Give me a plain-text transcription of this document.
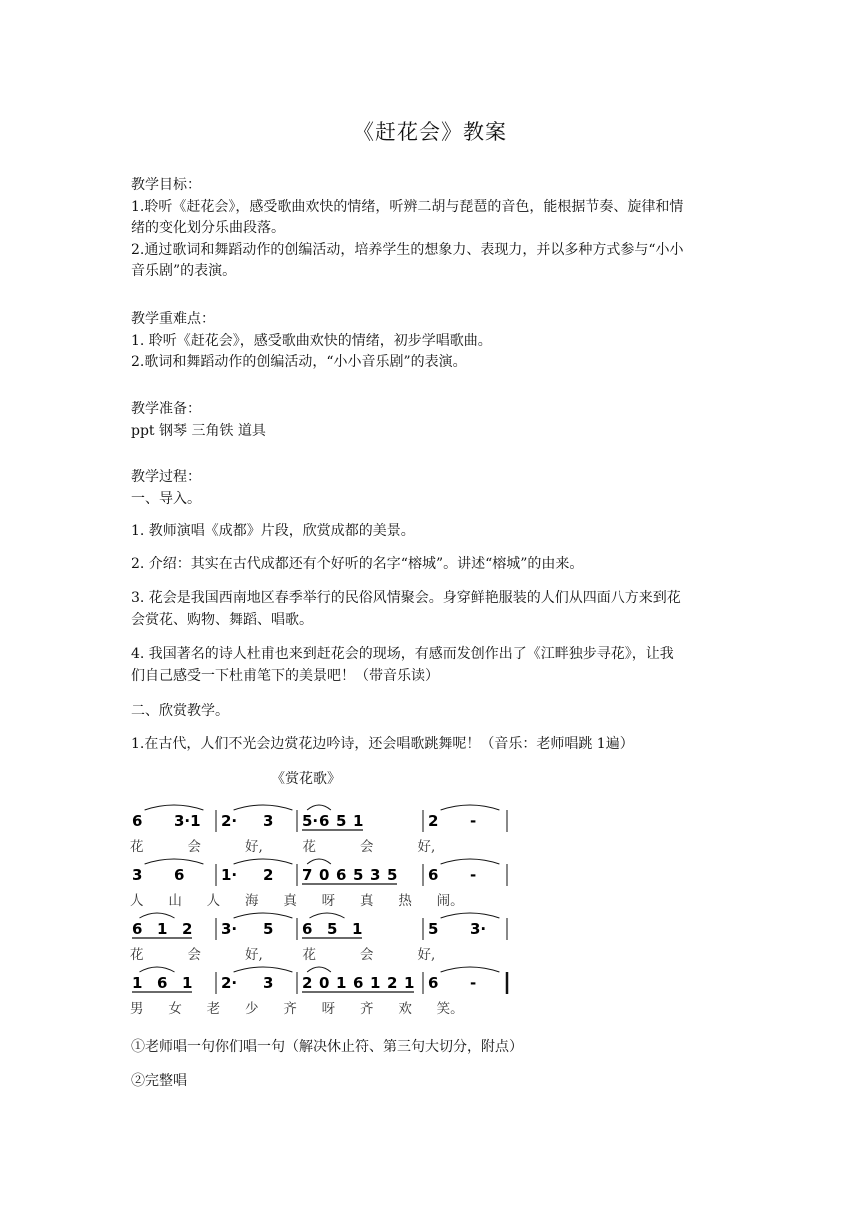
《赶花会》教案
教学目标：
1.聆听《赶花会》，感受歌曲欢快的情绪，听辨二胡与琵琶的音色，能根据节奏、旋律和情
绪的变化划分乐曲段落。
2.通过歌词和舞蹈动作的创编活动，培养学生的想象力、表现力，并以多种方式参与“小小
音乐剧”的表演。
教学重难点：
1. 聆听《赶花会》，感受歌曲欢快的情绪，初步学唱歌曲。
2.歌词和舞蹈动作的创编活动，“小小音乐剧”的表演。
教学准备：
ppt 钢琴 三角铁 道具
教学过程：
一、导入。
1. 教师演唱《成都》片段，欣赏成都的美景。
2. 介绍：其实在古代成都还有个好听的名字“榕城”。讲述“榕城”的由来。
3. 花会是我国西南地区春季举行的民俗风情聚会。身穿鲜艳服装的人们从四面八方来到花
会赏花、购物、舞蹈、唱歌。
4. 我国著名的诗人杜甫也来到赶花会的现场，有感而发创作出了《江畔独步寻花》，让我
们自己感受一下杜甫笔下的美景吧！（带音乐读）
二、欣赏教学。
1.在古代，人们不光会边赏花边吟诗，还会唱歌跳舞呢！（音乐：老师唱跳 1遍）
《赏花歌》
6 3·1 2· 3 5· 6 5 1	2 -
花	会	好,	花	会	好,
3 6 1· 2 7 0 6 5 3 5 6 -
人 山 人 海 真 呀 真 热 闹。
6 1 2 3· 5 6 5 1	5 3·
花	会	好,	花	会	好,
1 6 1 2· 3 2 0 1 6 1 2 1 6 -
男 女 老 少 齐 呀 齐 欢 笑。
①老师唱一句你们唱一句（解决休止符、第三句大切分，附点）
②完整唱
